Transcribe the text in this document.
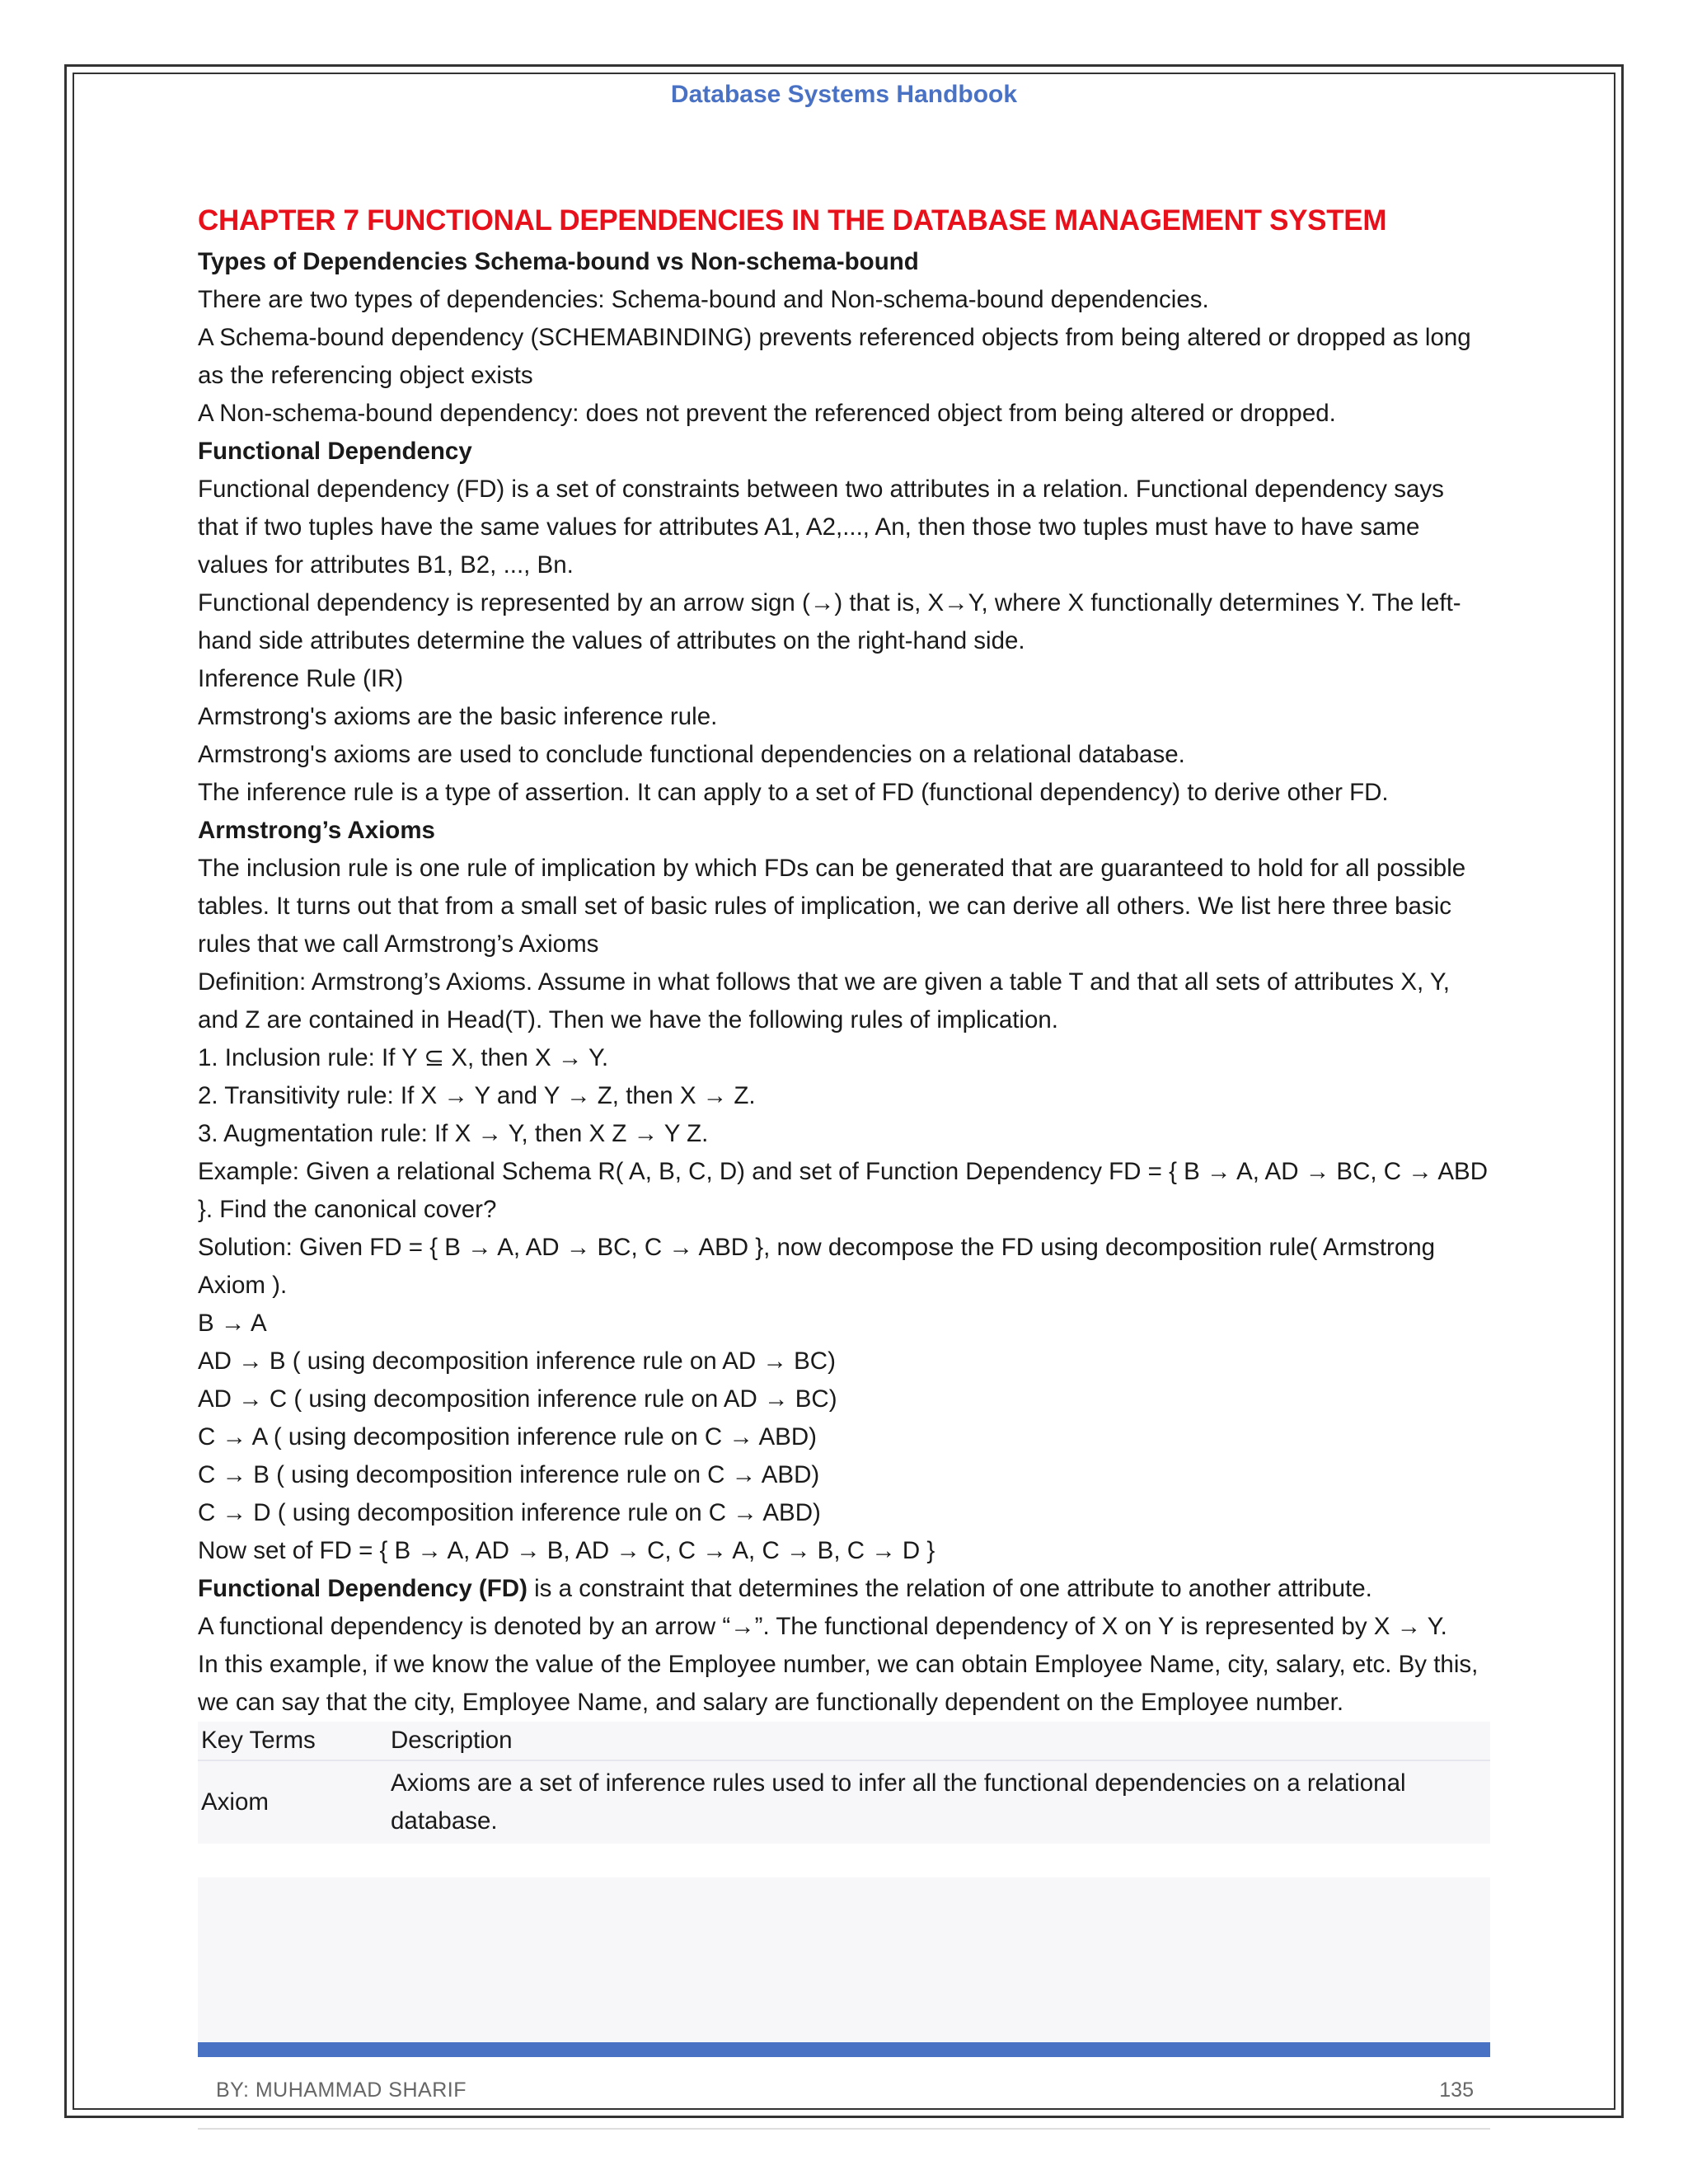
Database Systems Handbook
CHAPTER 7 FUNCTIONAL DEPENDENCIES IN THE DATABASE MANAGEMENT SYSTEM

Types of Dependencies Schema-bound vs Non-schema-bound

There are two types of dependencies: Schema-bound and Non-schema-bound dependencies.

A Schema-bound dependency (SCHEMABINDING) prevents referenced objects from being altered or dropped as long as the referencing object exists

A Non-schema-bound dependency: does not prevent the referenced object from being altered or dropped.

Functional Dependency

Functional dependency (FD) is a set of constraints between two attributes in a relation. Functional dependency says that if two tuples have the same values for attributes A1, A2,..., An, then those two tuples must have to have same values for attributes B1, B2, ..., Bn.

Functional dependency is represented by an arrow sign (→) that is, X→Y, where X functionally determines Y. The left-hand side attributes determine the values of attributes on the right-hand side.

Inference Rule (IR)

Armstrong's axioms are the basic inference rule.

Armstrong's axioms are used to conclude functional dependencies on a relational database.

The inference rule is a type of assertion. It can apply to a set of FD (functional dependency) to derive other FD.

Armstrong’s Axioms

The inclusion rule is one rule of implication by which FDs can be generated that are guaranteed to hold for all possible tables. It turns out that from a small set of basic rules of implication, we can derive all others. We list here three basic rules that we call Armstrong’s Axioms

Definition: Armstrong’s Axioms. Assume in what follows that we are given a table T and that all sets of attributes X, Y, and Z are contained in Head(T). Then we have the following rules of implication.

1. Inclusion rule: If Y ⊆ X, then X → Y.

2. Transitivity rule: If X → Y and Y → Z, then X → Z.

3. Augmentation rule: If X → Y, then X Z → Y Z.

Example: Given a relational Schema R( A, B, C, D) and set of Function Dependency FD = { B → A, AD → BC, C → ABD }. Find the canonical cover?

Solution: Given FD = { B → A, AD → BC, C → ABD }, now decompose the FD using decomposition rule( Armstrong Axiom ).

B → A

AD → B ( using decomposition inference rule on AD → BC)

AD → C ( using decomposition inference rule on AD → BC)

C → A ( using decomposition inference rule on C → ABD)

C → B ( using decomposition inference rule on C → ABD)

C → D ( using decomposition inference rule on C → ABD)

Now set of FD = { B → A, AD → B, AD → C, C → A, C → B, C → D }

Functional Dependency (FD) is a constraint that determines the relation of one attribute to another attribute.

A functional dependency is denoted by an arrow “→”. The functional dependency of X on Y is represented by X → Y.

In this example, if we know the value of the Employee number, we can obtain Employee Name, city, salary, etc. By this, we can say that the city, Employee Name, and salary are functionally dependent on the Employee number.

Key Terms	Description
Axiom	Axioms are a set of inference rules used to infer all the functional dependencies on a relational database.
BY: MUHAMMAD SHARIF	135
